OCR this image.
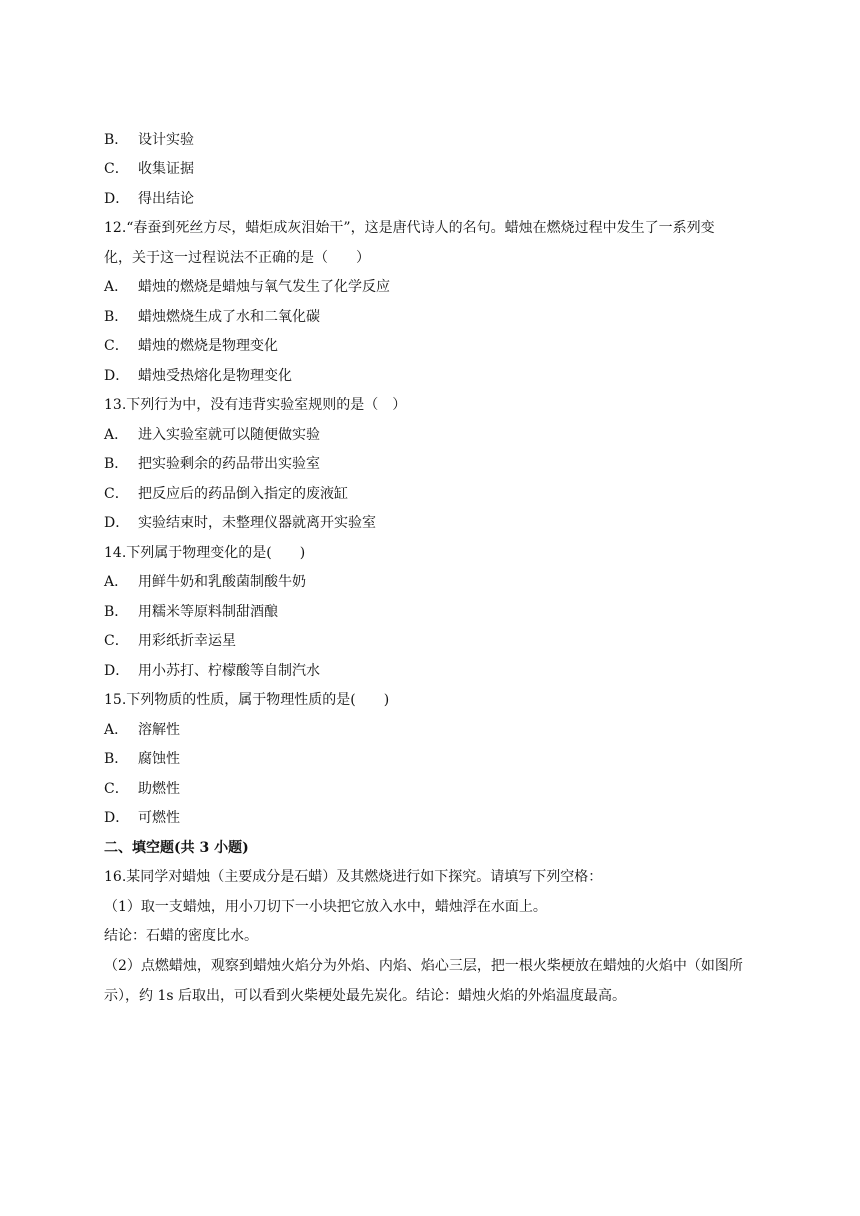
B． 设计实验
C． 收集证据
D． 得出结论
12.“春蚕到死丝方尽，蜡炬成灰泪始干”，这是唐代诗人的名句。蜡烛在燃烧过程中发生了一系列变
化，关于这一过程说法不正确的是（　　）
A． 蜡烛的燃烧是蜡烛与氧气发生了化学反应
B． 蜡烛燃烧生成了水和二氧化碳
C． 蜡烛的燃烧是物理变化
D． 蜡烛受热熔化是物理变化
13.下列行为中，没有违背实验室规则的是（　）
A． 进入实验室就可以随便做实验
B． 把实验剩余的药品带出实验室
C． 把反应后的药品倒入指定的废液缸
D． 实验结束时，未整理仪器就离开实验室
14.下列属于物理变化的是(　　)
A． 用鲜牛奶和乳酸菌制酸牛奶
B． 用糯米等原料制甜酒酿
C． 用彩纸折幸运星
D． 用小苏打、柠檬酸等自制汽水
15.下列物质的性质，属于物理性质的是(　　)
A． 溶解性
B． 腐蚀性
C． 助燃性
D． 可燃性
二、填空题(共 3 小题)
16.某同学对蜡烛（主要成分是石蜡）及其燃烧进行如下探究。请填写下列空格：
（1）取一支蜡烛，用小刀切下一小块把它放入水中，蜡烛浮在水面上。
结论：石蜡的密度比水。
（2）点燃蜡烛，观察到蜡烛火焰分为外焰、内焰、焰心三层，把一根火柴梗放在蜡烛的火焰中（如图所示），约 1s 后取出，可以看到火柴梗处最先炭化。结论：蜡烛火焰的外焰温度最高。
